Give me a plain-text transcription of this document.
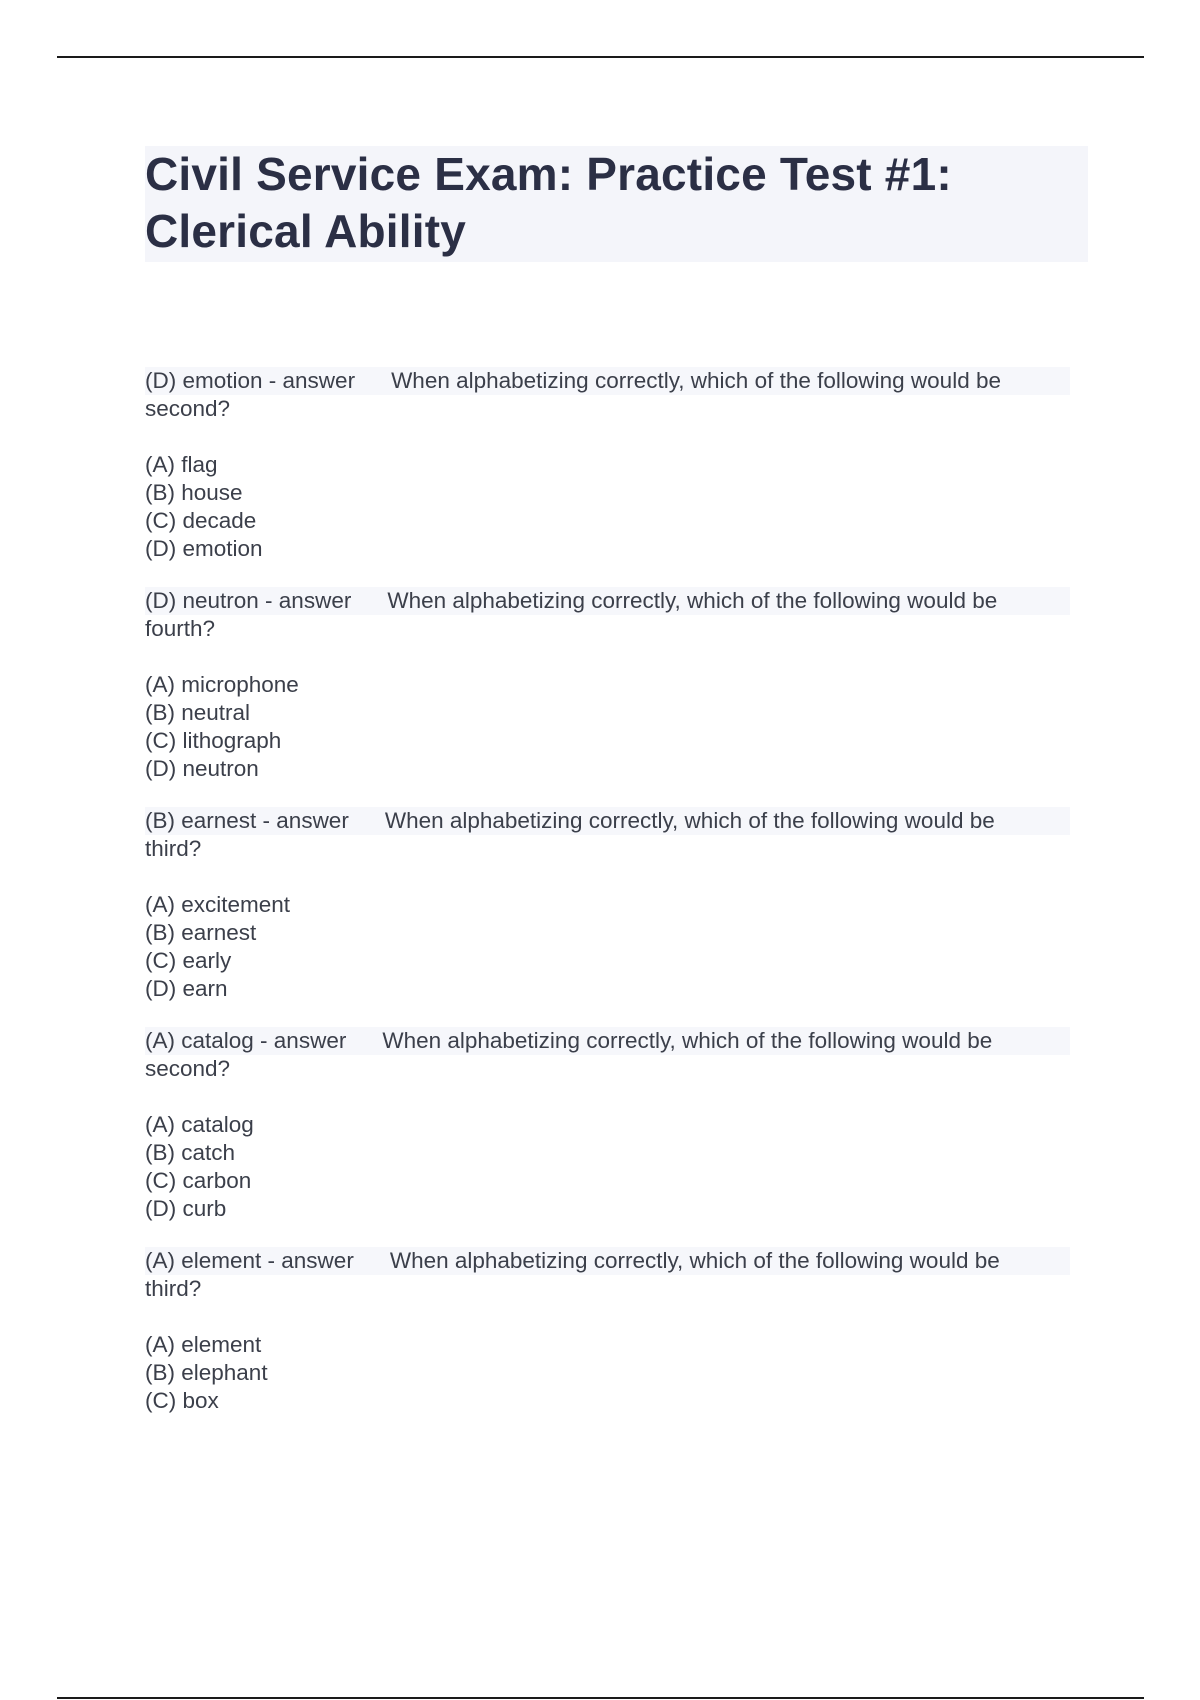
Civil Service Exam: Practice Test #1:
Clerical Ability
(D) emotion - answer When alphabetizing correctly, which of the following would be
second?
(A) flag
(B) house
(C) decade
(D) emotion
(D) neutron - answer When alphabetizing correctly, which of the following would be
fourth?
(A) microphone
(B) neutral
(C) lithograph
(D) neutron
(B) earnest - answer When alphabetizing correctly, which of the following would be
third?
(A) excitement
(B) earnest
(C) early
(D) earn
(A) catalog - answer When alphabetizing correctly, which of the following would be
second?
(A) catalog
(B) catch
(C) carbon
(D) curb
(A) element - answer When alphabetizing correctly, which of the following would be
third?
(A) element
(B) elephant
(C) box
